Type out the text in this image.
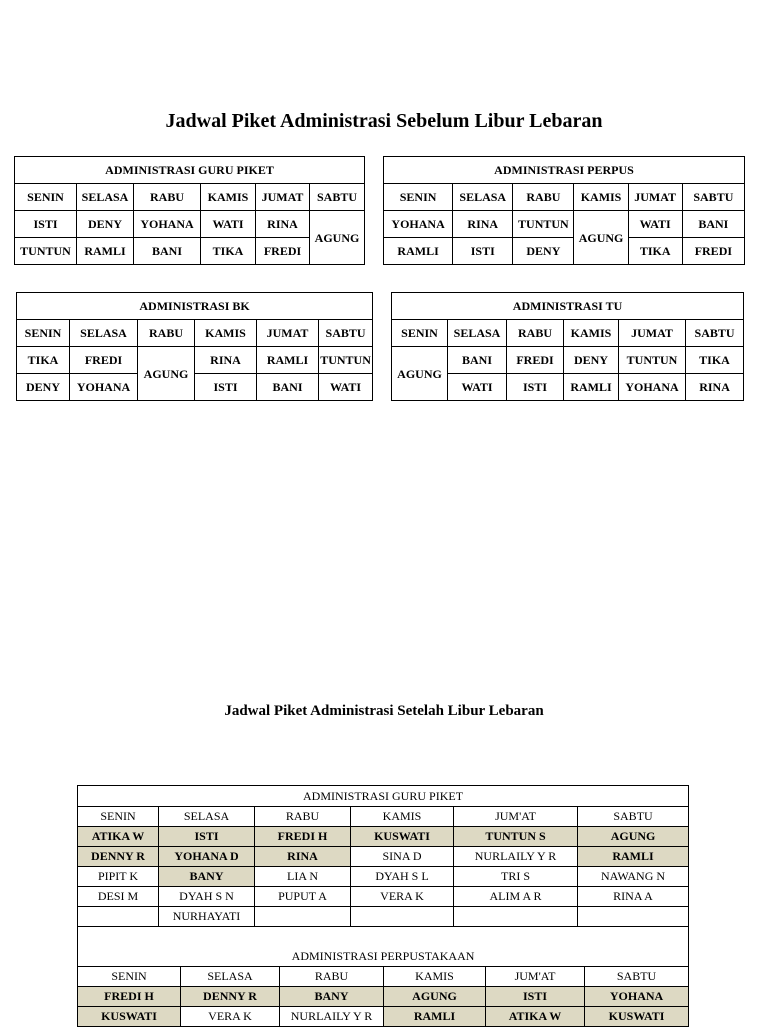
Jadwal Piket Administrasi Sebelum Libur Lebaran
ADMINISTRASI GURU PIKET					
SENIN	SELASA	RABU	KAMIS	JUMAT	SABTU
ISTI	DENY	YOHANA	WATI	RINA	AGUNG
TUNTUN	RAMLI	BANI	TIKA	FREDI	
ADMINISTRASI PERPUS					
SENIN	SELASA	RABU	KAMIS	JUMAT	SABTU
YOHANA	RINA	TUNTUN	AGUNG	WATI	BANI
RAMLI	ISTI	DENY		TIKA	FREDI
ADMINISTRASI BK					
SENIN	SELASA	RABU	KAMIS	JUMAT	SABTU
TIKA	FREDI	AGUNG	RINA	RAMLI	TUNTUN
DENY	YOHANA		ISTI	BANI	WATI
ADMINISTRASI TU					
SENIN	SELASA	RABU	KAMIS	JUMAT	SABTU
AGUNG	BANI	FREDI	DENY	TUNTUN	TIKA
	WATI	ISTI	RAMLI	YOHANA	RINA
Jadwal Piket Administrasi Setelah Libur Lebaran
ADMINISTRASI GURU PIKET					
SENIN	SELASA	RABU	KAMIS	JUM'AT	SABTU
ATIKA W	ISTI	FREDI H	KUSWATI	TUNTUN S	AGUNG
DENNY R	YOHANA D	RINA	SINA D	NURLAILY Y R	RAMLI
PIPIT K	BANY	LIA N	DYAH S L	TRI S	NAWANG N
DESI M	DYAH S N	PUPUT A	VERA K	ALIM A R	RINA A
	NURHAYATI				

ADMINISTRASI PERPUSTAKAAN					
SENIN	SELASA	RABU	KAMIS	JUM'AT	SABTU
FREDI H	DENNY R	BANY	AGUNG	ISTI	YOHANA
KUSWATI	VERA K	NURLAILY Y R	RAMLI	ATIKA W	KUSWATI
